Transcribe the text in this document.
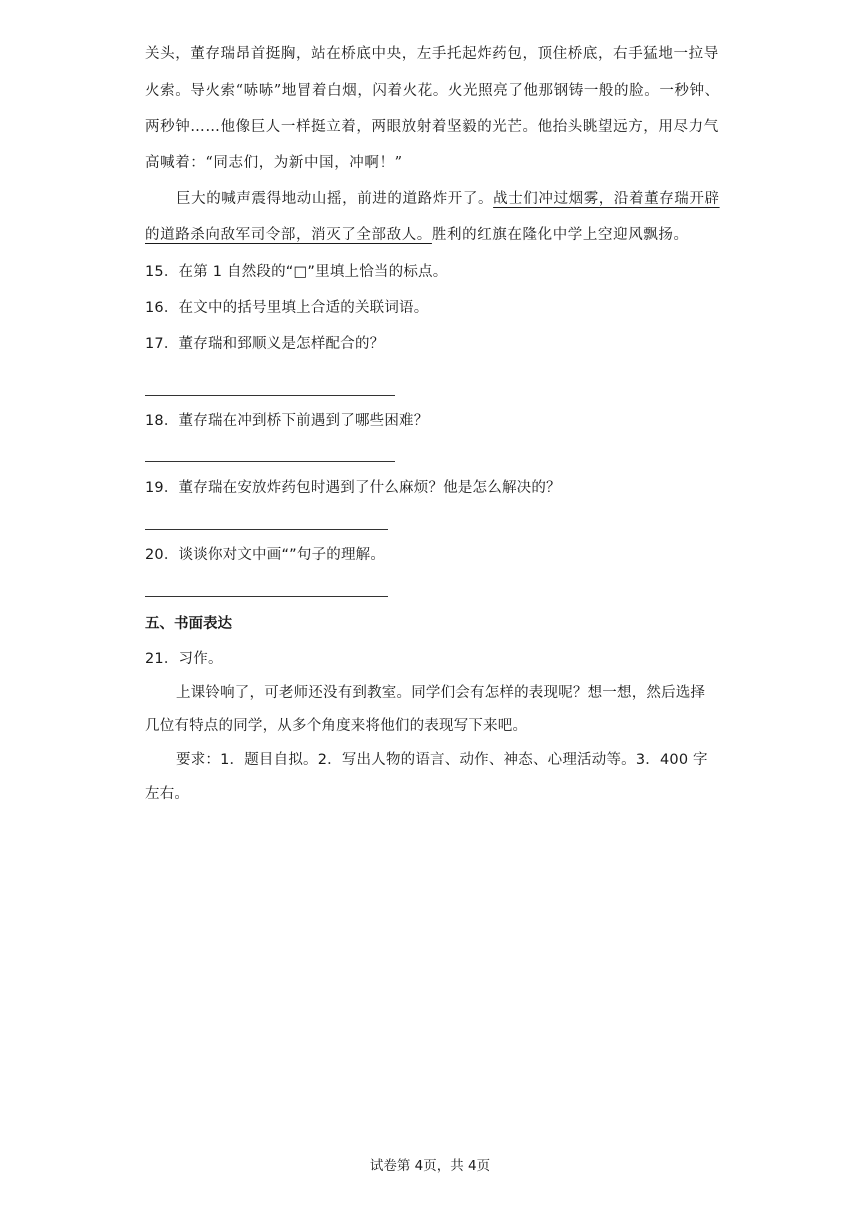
关头，董存瑞昂首挺胸，站在桥底中央，左手托起炸药包，顶住桥底，右手猛地一拉导
火索。导火索“哧哧”地冒着白烟，闪着火花。火光照亮了他那钢铸一般的脸。一秒钟、
两秒钟……他像巨人一样挺立着，两眼放射着坚毅的光芒。他抬头眺望远方，用尽力气
高喊着：“同志们，为新中国，冲啊！”
巨大的喊声震得地动山摇，前进的道路炸开了。战士们冲过烟雾，沿着董存瑞开辟
的道路杀向敌军司令部，消灭了全部敌人。胜利的红旗在隆化中学上空迎风飘扬。
15．在第 1 自然段的“□”里填上恰当的标点。
16．在文中的括号里填上合适的关联词语。
17．董存瑞和郅顺义是怎样配合的？
18．董存瑞在冲到桥下前遇到了哪些困难？
19．董存瑞在安放炸药包时遇到了什么麻烦？他是怎么解决的？
20．谈谈你对文中画“”句子的理解。
五、书面表达
21．习作。
上课铃响了，可老师还没有到教室。同学们会有怎样的表现呢？想一想，然后选择
几位有特点的同学，从多个角度来将他们的表现写下来吧。
要求：1．题目自拟。2．写出人物的语言、动作、神态、心理活动等。3．400 字
左右。
试卷第 4页，共 4页
